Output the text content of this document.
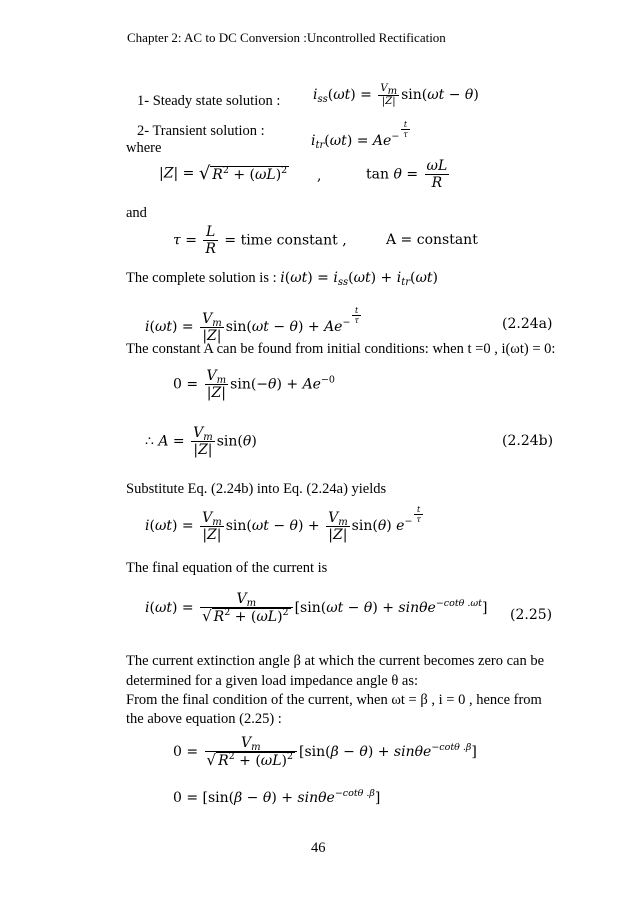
Chapter 2: AC to DC Conversion :Uncontrolled Rectification
1- Steady state solution : $i_{ss}(\omega t) = \frac{V_m}{|Z|} \sin(\omega t - \theta)$
2- Transient solution :
$i_{tr}(\omega t) = Ae^{- \frac{t}{\tau}}$
where
|Z| = √ $R^2 + (\omega L)^2$ ,	$\tan \theta = \frac{\omega L}{R}$
and
$\tau = \frac{L}{R}$ = time constant ,	A = constant
The complete solution is : $i(\omega t) = i_{ss}(\omega t) + i_{tr}(\omega t)$
$i(\omega t) = \frac{V_m}{|Z|} \sin(\omega t - \theta) + Ae^{- \frac{t}{\tau}}$	(2.24a)
The constant A can be found from initial conditions: when t =0 , i(ωt) = 0:
$0 = \frac{V_m}{|Z|} \sin(-\theta) + Ae^{-0}$
∴ $A = \frac{V_m}{|Z|} \sin(\theta)$	(2.24b)
Substitute Eq. (2.24b) into Eq. (2.24a) yields
$i(\omega t) = \frac{V_m}{|Z|} \sin(\omega t - \theta) + \frac{V_m}{|Z|} \sin(\theta)$ $e^{- \frac{t}{\tau}}$
The final equation of the current is
$i(\omega t) = \frac{V_m}{√ R^2 + (\omega L)^2} [\sin(\omega t - \theta) + \sin\theta e^{-cot\theta .\omega t}]$ (2.25)
The current extinction angle β at which the current becomes zero can be
determined for a given load impedance angle θ as:
From the final condition of the current, when ωt = β , i = 0 , hence from
the above equation (2.25) :
$0 = \frac{V_m}{√ R^2 + (\omega L)^2} [\sin(\beta - \theta) + \sin\theta e^{-cot\theta .\beta}]$
0 = [sin(β − θ) + sinθe$^{-cot\theta .\beta}$]
46
